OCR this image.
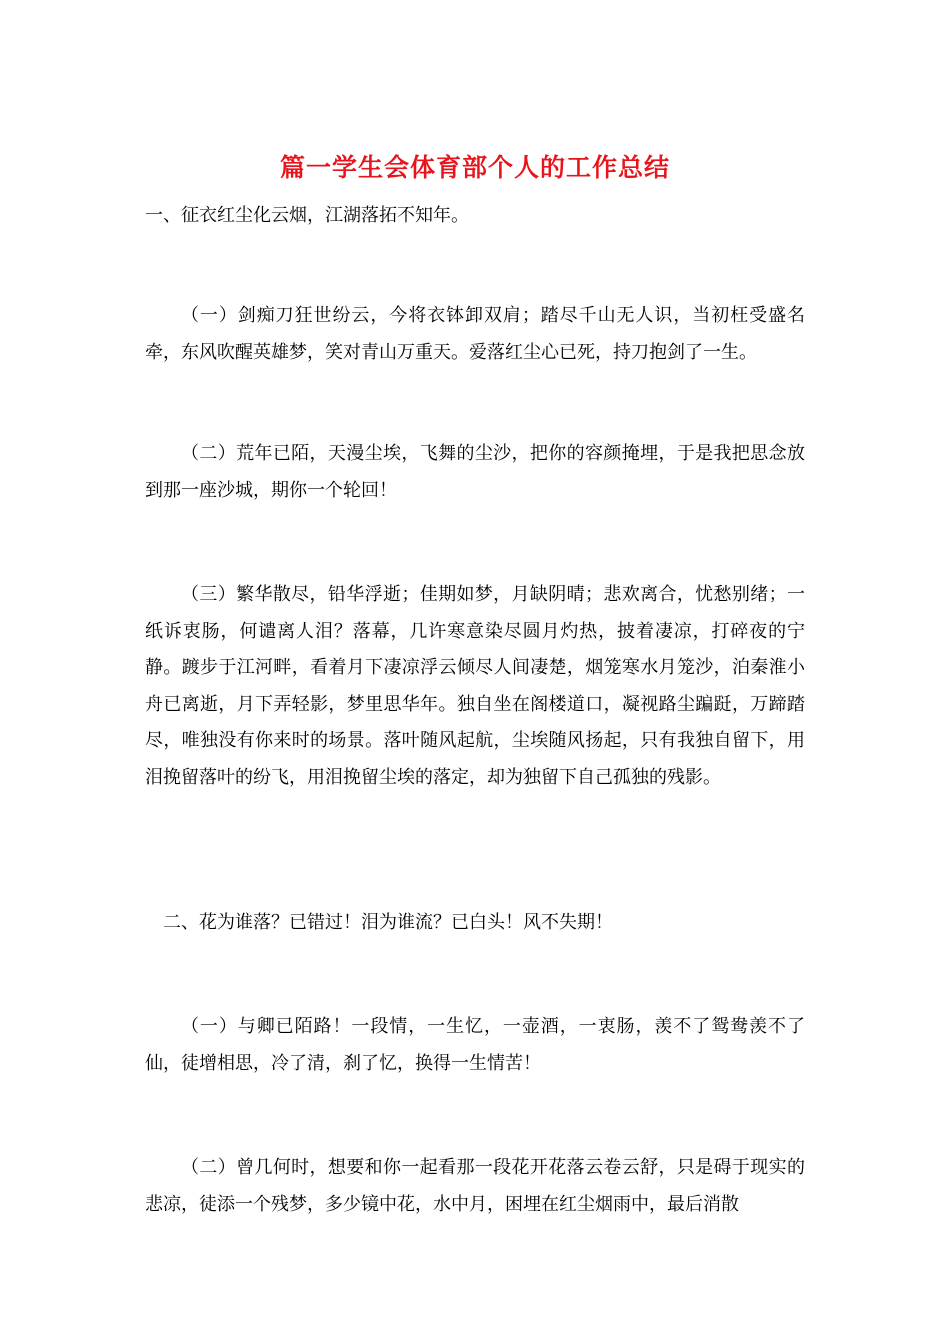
篇一学生会体育部个人的工作总结

一、征衣红尘化云烟，江湖落拓不知年。

（一）剑痴刀狂世纷云，今将衣钵卸双肩；踏尽千山无人识，当初枉受盛名牵，东风吹醒英雄梦，笑对青山万重天。爱落红尘心已死，持刀抱剑了一生。

（二）荒年已陌，天漫尘埃，飞舞的尘沙，把你的容颜掩埋，于是我把思念放到那一座沙城，期你一个轮回！

（三）繁华散尽，铅华浮逝；佳期如梦，月缺阴晴；悲欢离合，忧愁别绪；一纸诉衷肠，何谴离人泪？落幕，几许寒意染尽圆月灼热，披着凄凉，打碎夜的宁静。踱步于江河畔，看着月下凄凉浮云倾尽人间凄楚，烟笼寒水月笼沙，泊秦淮小舟已离逝，月下弄轻影，梦里思华年。独自坐在阁楼道口，凝视路尘蹁跹，万蹄踏尽，唯独没有你来时的场景。落叶随风起航，尘埃随风扬起，只有我独自留下，用泪挽留落叶的纷飞，用泪挽留尘埃的落定，却为独留下自己孤独的残影。

二、花为谁落？已错过！泪为谁流？已白头！风不失期！

（一）与卿已陌路！一段情，一生忆，一壶酒，一衷肠，羡不了鸳鸯羡不了仙，徒增相思，冷了清，刹了忆，换得一生情苦！

（二）曾几何时，想要和你一起看那一段花开花落云卷云舒，只是碍于现实的悲凉，徒添一个残梦，多少镜中花，水中月，困埋在红尘烟雨中，最后消散
